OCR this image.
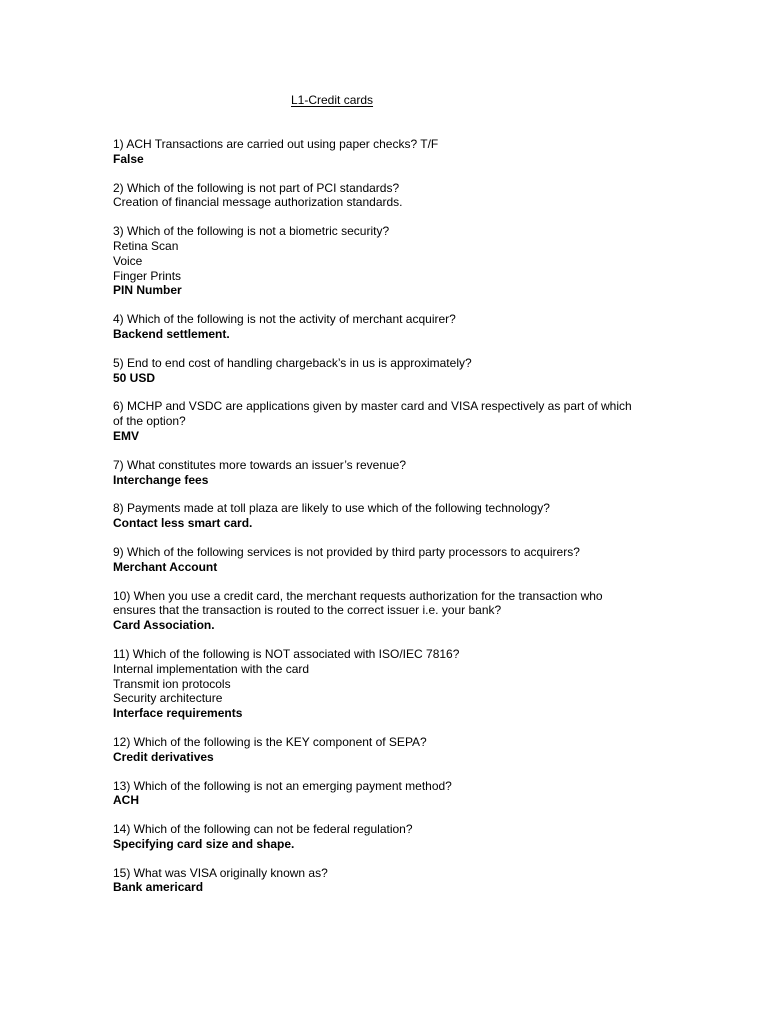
L1-Credit cards
1) ACH Transactions are carried out using paper checks? T/F
False
2) Which of the following is not part of PCI standards?
Creation of financial message authorization standards.
3) Which of the following is not a biometric security?
Retina Scan
Voice
Finger Prints
PIN Number
4) Which of the following is not the activity of merchant acquirer?
Backend settlement.
5) End to end cost of handling chargeback’s in us is approximately?
50 USD
6) MCHP and VSDC are applications given by master card and VISA respectively as part of which of the option?
EMV
7) What constitutes more towards an issuer’s revenue?
Interchange fees
8) Payments made at toll plaza are likely to use which of the following technology?
Contact less smart card.
9) Which of the following services is not provided by third party processors to acquirers?
Merchant Account
10) When you use a credit card, the merchant requests authorization for the transaction who ensures that the transaction is routed to the correct issuer i.e. your bank?
Card Association.
11) Which of the following is NOT associated with ISO/IEC 7816?
Internal implementation with the card
Transmit ion protocols
Security architecture
Interface requirements
12) Which of the following is the KEY component of SEPA?
Credit derivatives
13) Which of the following is not an emerging payment method?
ACH
14) Which of the following can not be federal regulation?
Specifying card size and shape.
15) What was VISA originally known as?
Bank americard
